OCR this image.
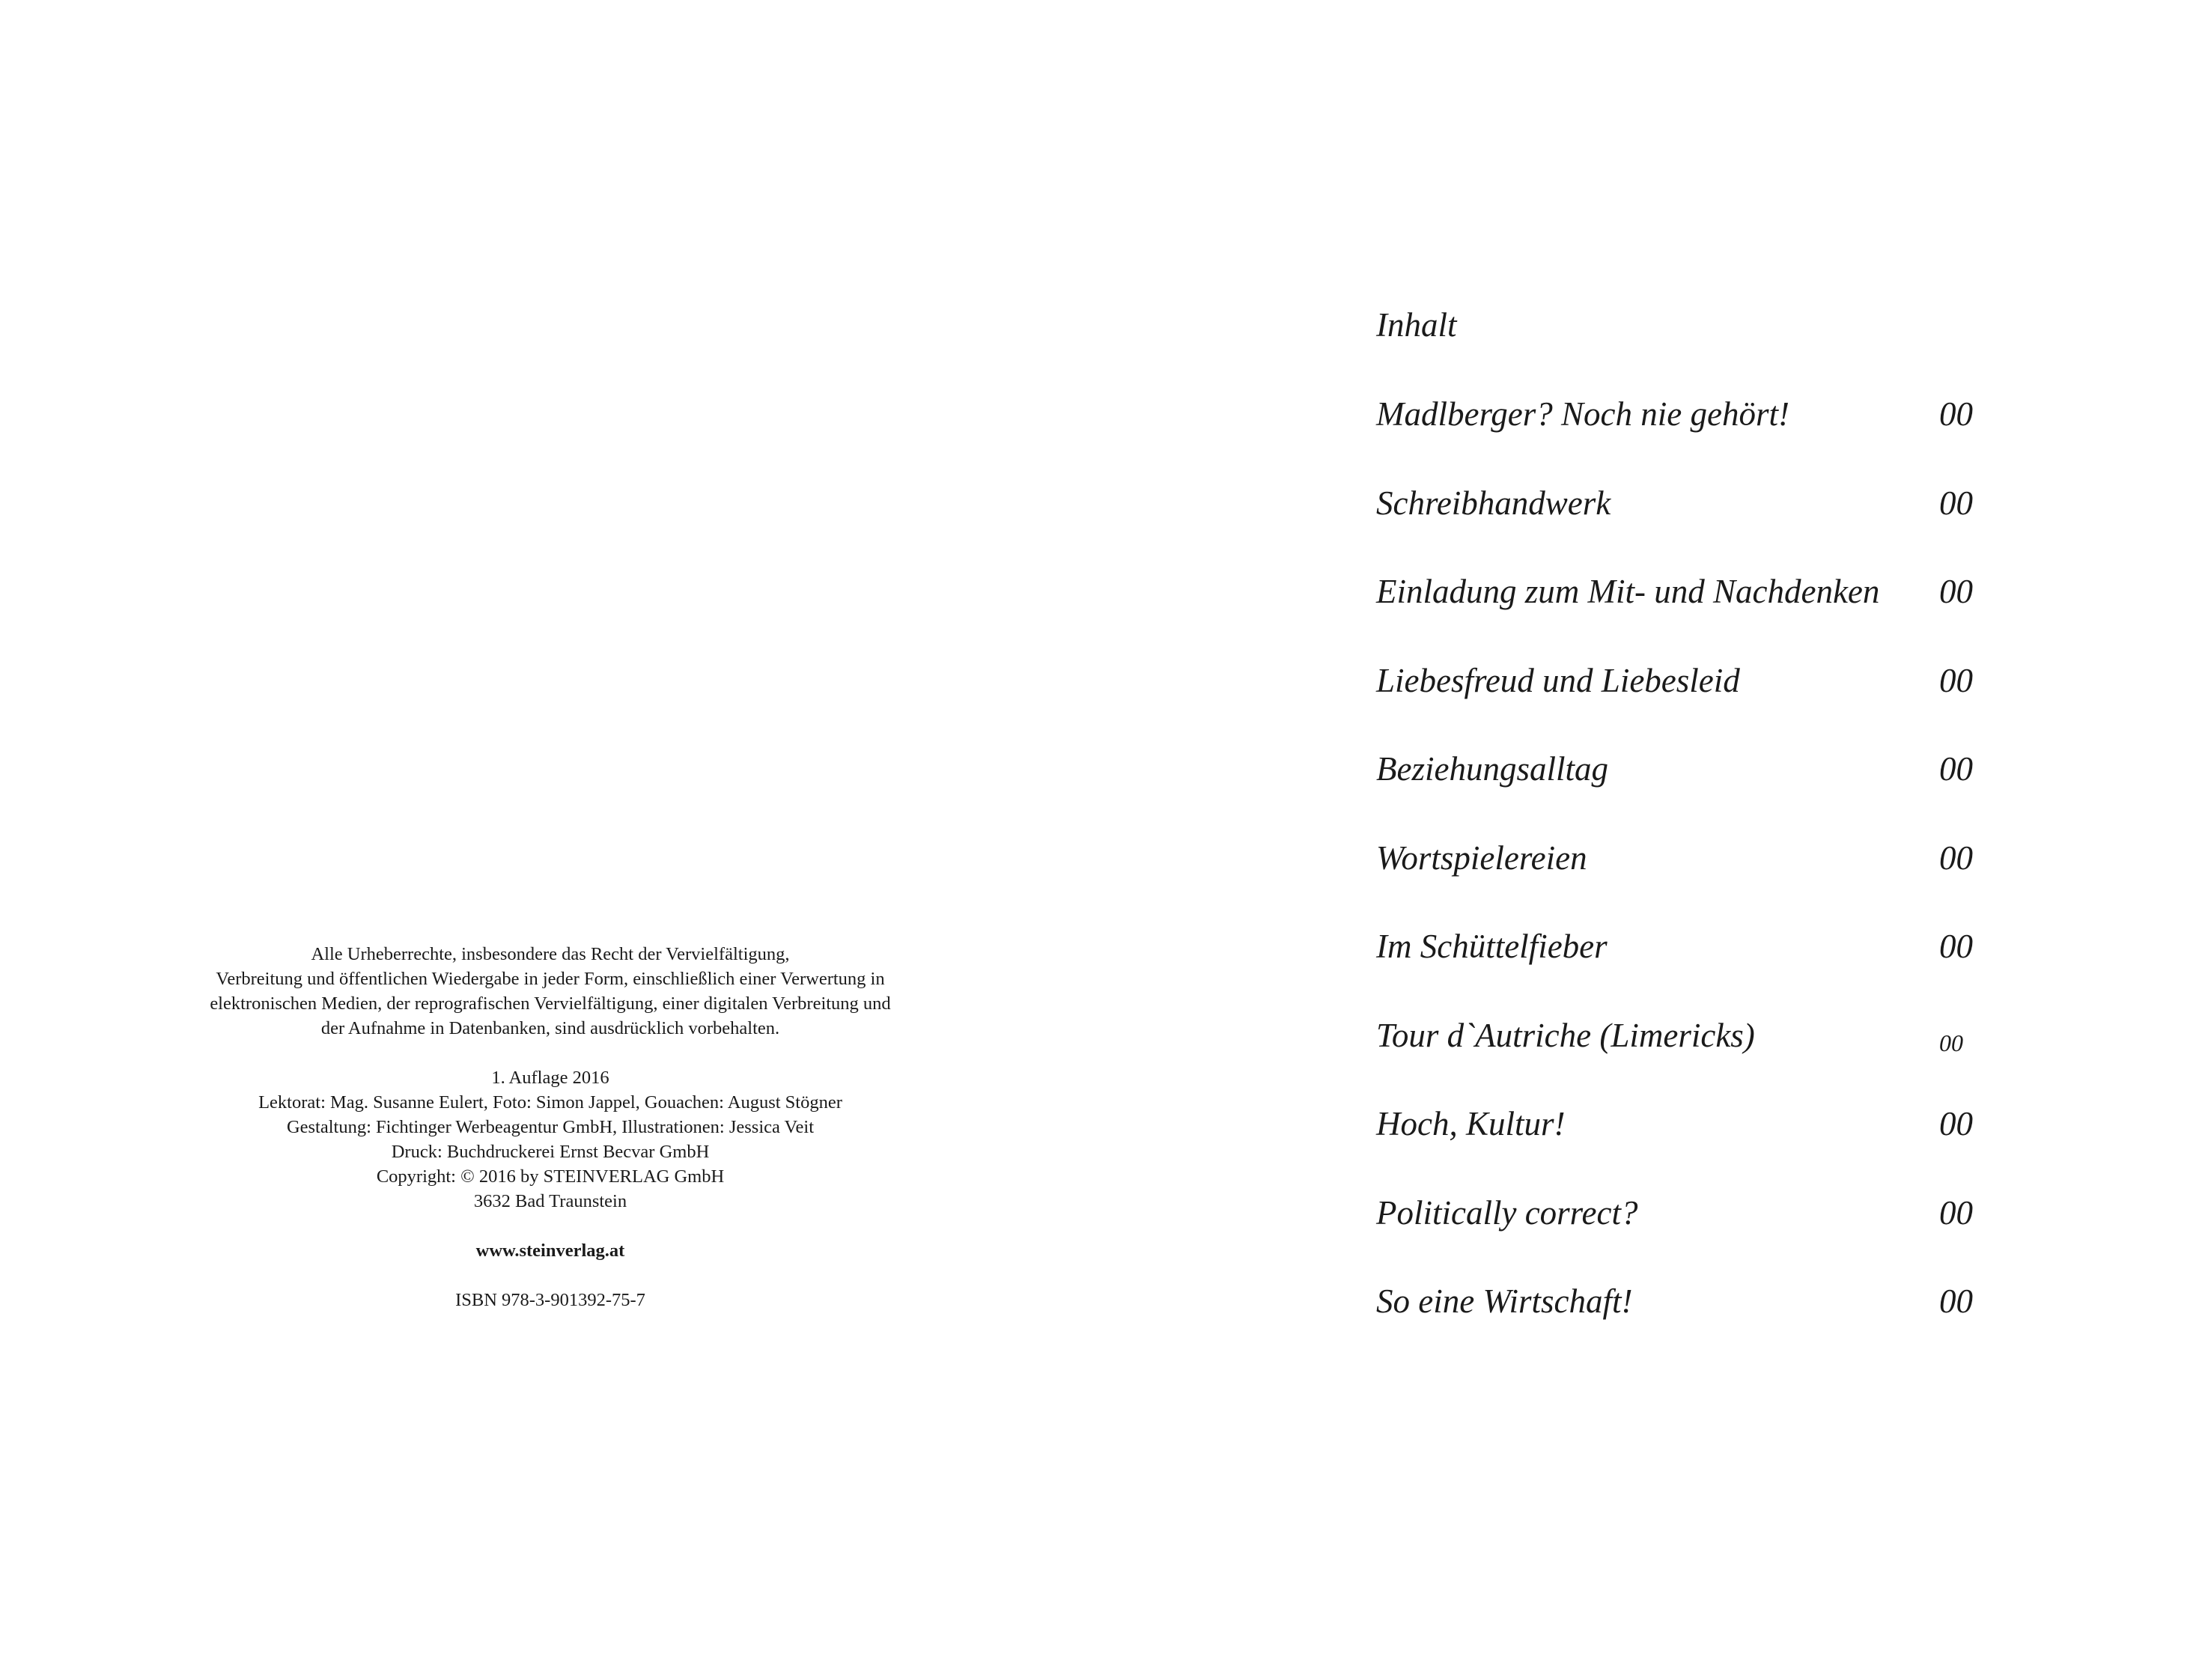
Alle Urheberrechte, insbesondere das Recht der Vervielfältigung,
Verbreitung und öffentlichen Wiedergabe in jeder Form, einschließlich einer Verwertung in
elektronischen Medien, der reprografischen Vervielfältigung, einer digitalen Verbreitung und
der Aufnahme in Datenbanken, sind ausdrücklich vorbehalten.
1. Auflage 2016
Lektorat: Mag. Susanne Eulert, Foto: Simon Jappel, Gouachen: August Stögner
Gestaltung: Fichtinger Werbeagentur GmbH, Illustrationen: Jessica Veit
Druck: Buchdruckerei Ernst Becvar GmbH
Copyright: © 2016 by STEINVERLAG GmbH
3632 Bad Traunstein
www.steinverlag.at
ISBN 978-3-901392-75-7
Inhalt
Madlberger? Noch nie gehört!	00
Schreibhandwerk	00
Einladung zum Mit- und Nachdenken 00
Liebesfreud und Liebesleid	00
Beziehungsalltag	00
Wortspielereien	00
Im Schüttelfieber	00
Tour d`Autriche (Limericks)	00
Hoch, Kultur!	00
Politically correct?	00
So eine Wirtschaft!	00
